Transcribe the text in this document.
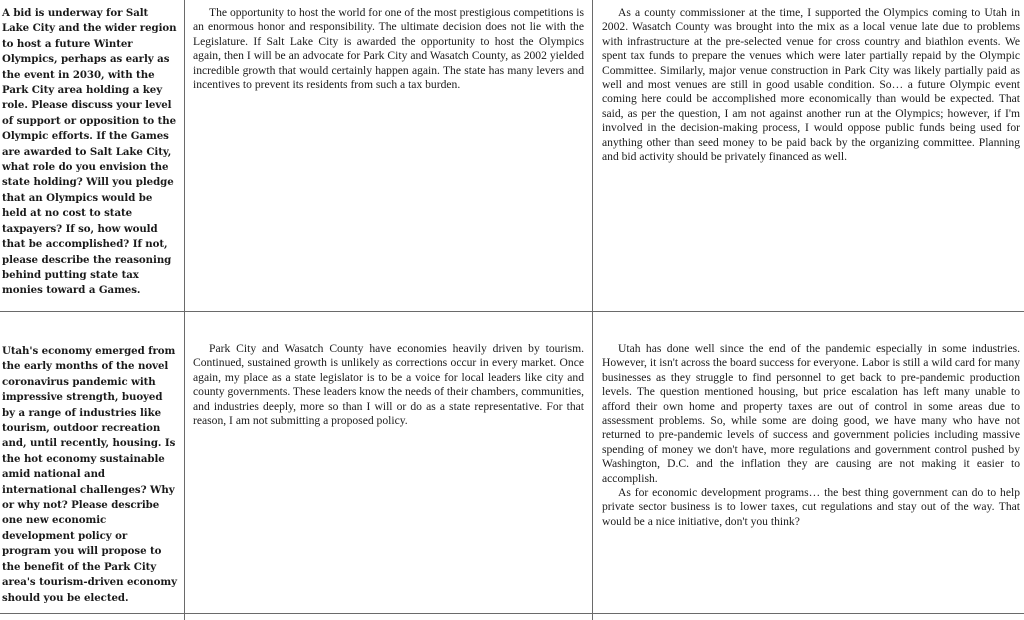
A bid is underway for Salt Lake City and the wider region to host a future Winter Olympics, perhaps as early as the event in 2030, with the Park City area holding a key role. Please discuss your level of support or opposition to the Olympic efforts. If the Games are awarded to Salt Lake City, what role do you envision the state holding? Will you pledge that an Olympics would be held at no cost to state taxpayers? If so, how would that be accomplished? If not, please describe the reasoning behind putting state tax monies toward a Games.

The opportunity to host the world for one of the most prestigious competitions is an enormous honor and responsibility. The ultimate decision does not lie with the Legislature. If Salt Lake City is awarded the opportunity to host the Olympics again, then I will be an advocate for Park City and Wasatch County, as 2002 yielded incredible growth that would certainly happen again. The state has many levers and incentives to prevent its residents from such a tax burden.

As a county commissioner at the time, I supported the Olympics coming to Utah in 2002. Wasatch County was brought into the mix as a local venue late due to problems with infrastructure at the pre-selected venue for cross country and biathlon events. We spent tax funds to prepare the venues which were later partially repaid by the Olympic Committee. Similarly, major venue construction in Park City was likely partially paid as well and most venues are still in good usable condition. So… a future Olympic event coming here could be accomplished more economically than would be expected. That said, as per the question, I am not against another run at the Olympics; however, if I'm involved in the decision-making process, I would oppose public funds being used for anything other than seed money to be paid back by the organizing committee. Planning and bid activity should be privately financed as well.

Utah's economy emerged from the early months of the novel coronavirus pandemic with impressive strength, buoyed by a range of industries like tourism, outdoor recreation and, until recently, housing. Is the hot economy sustainable amid national and international challenges? Why or why not? Please describe one new economic development policy or program you will propose to the benefit of the Park City area's tourism-driven economy should you be elected.

Park City and Wasatch County have economies heavily driven by tourism. Continued, sustained growth is unlikely as corrections occur in every market. Once again, my place as a state legislator is to be a voice for local leaders like city and county governments. These leaders know the needs of their chambers, communities, and industries deeply, more so than I will or do as a state representative. For that reason, I am not submitting a proposed policy.

Utah has done well since the end of the pandemic especially in some industries. However, it isn't across the board success for everyone. Labor is still a wild card for many businesses as they struggle to find personnel to get back to pre-pandemic production levels. The question mentioned housing, but price escalation has left many unable to afford their own home and property taxes are out of control in some areas due to assessment problems. So, while some are doing good, we have many who have not returned to pre-pandemic levels of success and government policies including massive spending of money we don't have, more regulations and government control pushed by Washington, D.C. and the inflation they are causing are not making it easier to accomplish.

As for economic development programs… the best thing government can do to help private sector business is to lower taxes, cut regulations and stay out of the way. That would be a nice initiative, don't you think?
